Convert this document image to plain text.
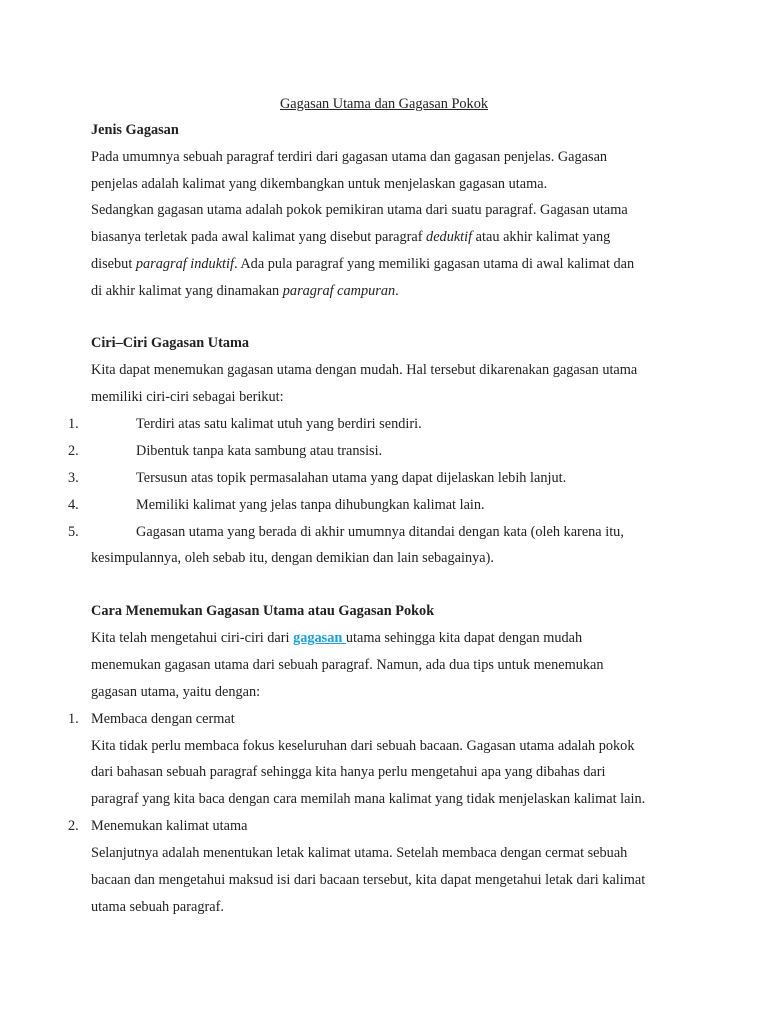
Gagasan Utama dan Gagasan Pokok
Jenis Gagasan
Pada umumnya sebuah paragraf terdiri dari gagasan utama dan gagasan penjelas. Gagasan
penjelas adalah kalimat yang dikembangkan untuk menjelaskan gagasan utama.
Sedangkan gagasan utama adalah pokok pemikiran utama dari suatu paragraf. Gagasan utama
biasanya terletak pada awal kalimat yang disebut paragraf deduktif atau akhir kalimat yang
disebut paragraf induktif. Ada pula paragraf yang memiliki gagasan utama di awal kalimat dan
di akhir kalimat yang dinamakan paragraf campuran.
Ciri–Ciri Gagasan Utama
Kita dapat menemukan gagasan utama dengan mudah. Hal tersebut dikarenakan gagasan utama
memiliki ciri-ciri sebagai berikut:
1.	Terdiri atas satu kalimat utuh yang berdiri sendiri.
2.	Dibentuk tanpa kata sambung atau transisi.
3.	Tersusun atas topik permasalahan utama yang dapat dijelaskan lebih lanjut.
4.	Memiliki kalimat yang jelas tanpa dihubungkan kalimat lain.
5.	Gagasan utama yang berada di akhir umumnya ditandai dengan kata (oleh karena itu,
kesimpulannya, oleh sebab itu, dengan demikian dan lain sebagainya).
Cara Menemukan Gagasan Utama atau Gagasan Pokok
Kita telah mengetahui ciri-ciri dari gagasan utama sehingga kita dapat dengan mudah
menemukan gagasan utama dari sebuah paragraf. Namun, ada dua tips untuk menemukan
gagasan utama, yaitu dengan:
1. Membaca dengan cermat
Kita tidak perlu membaca fokus keseluruhan dari sebuah bacaan. Gagasan utama adalah pokok
dari bahasan sebuah paragraf sehingga kita hanya perlu mengetahui apa yang dibahas dari
paragraf yang kita baca dengan cara memilah mana kalimat yang tidak menjelaskan kalimat lain.
2. Menemukan kalimat utama
Selanjutnya adalah menentukan letak kalimat utama. Setelah membaca dengan cermat sebuah
bacaan dan mengetahui maksud isi dari bacaan tersebut, kita dapat mengetahui letak dari kalimat
utama sebuah paragraf.
